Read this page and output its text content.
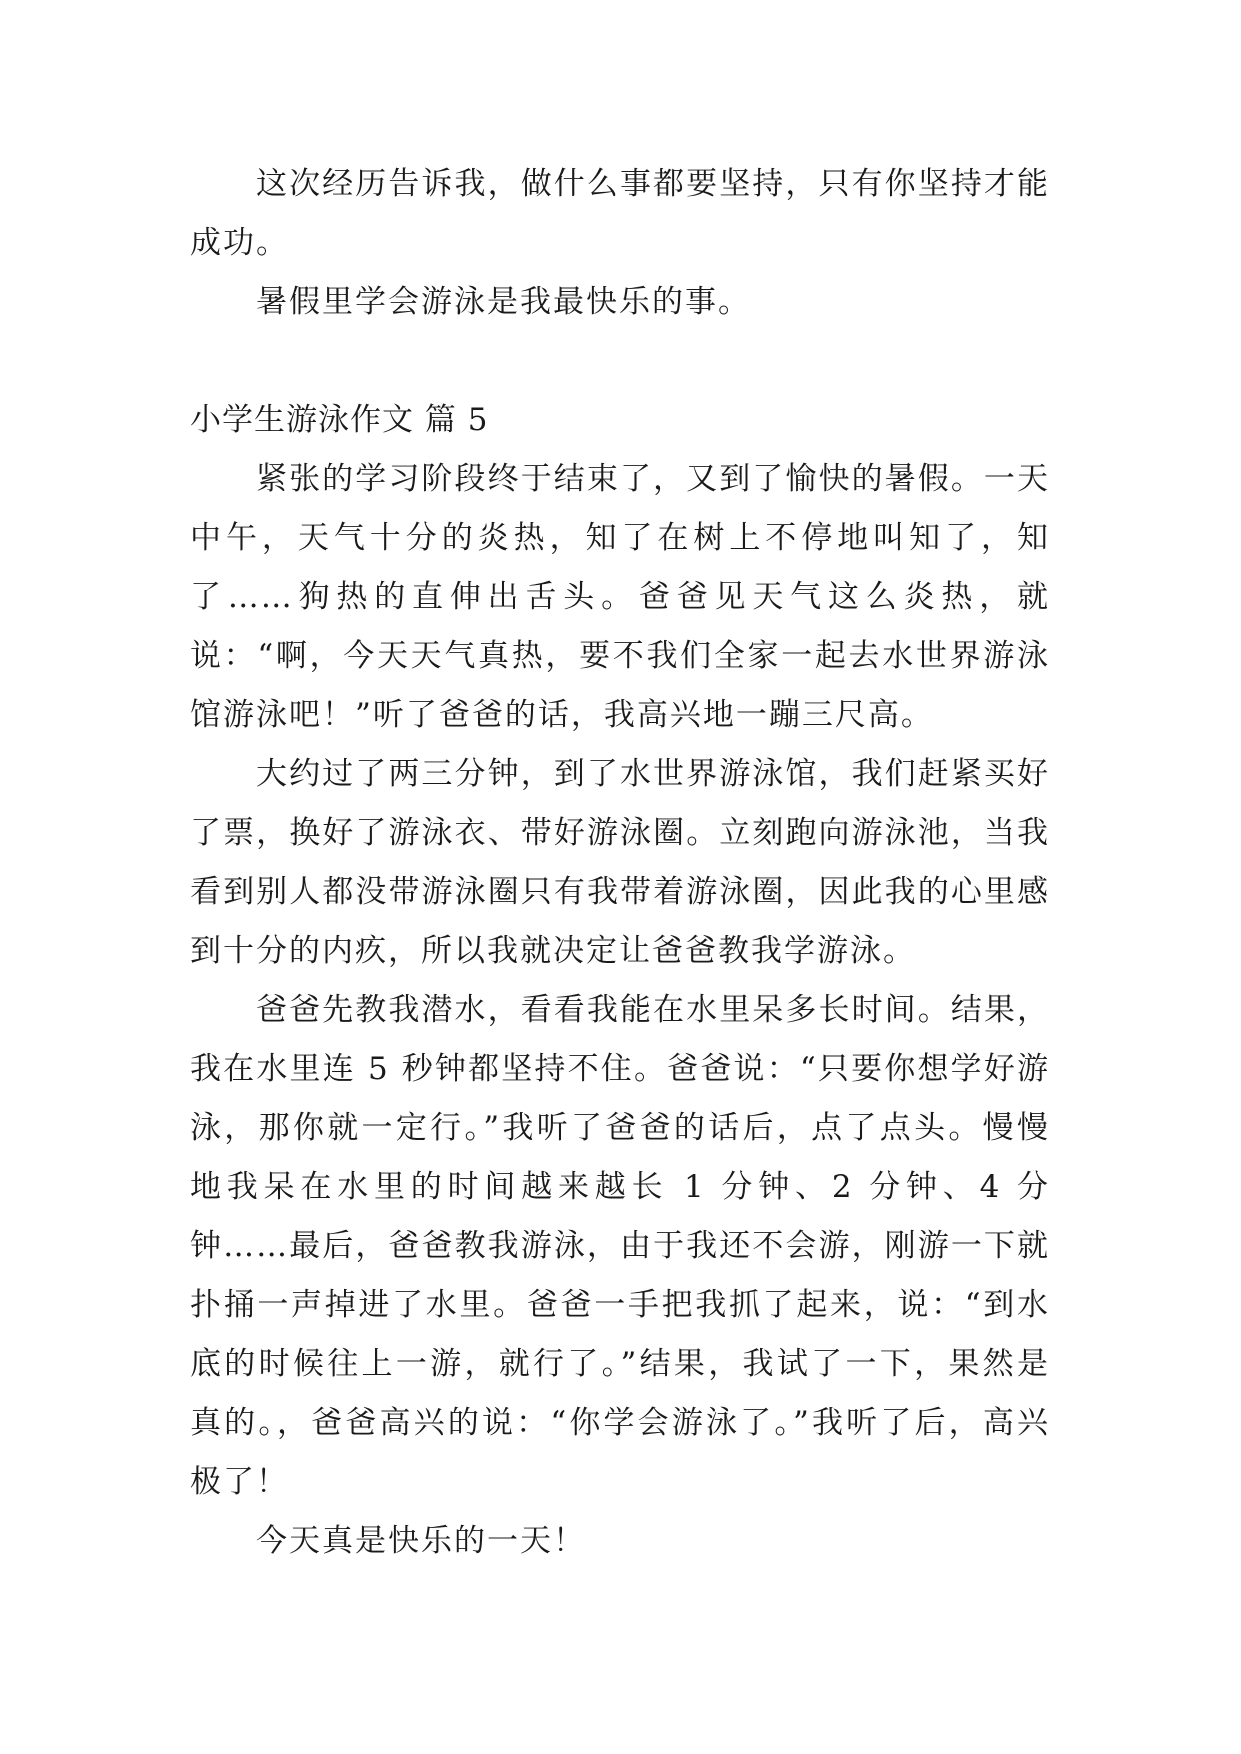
这次经历告诉我，做什么事都要坚持，只有你坚持才能成功。

暑假里学会游泳是我最快乐的事。

小学生游泳作文 篇 5

紧张的学习阶段终于结束了，又到了愉快的暑假。一天中午，天气十分的炎热，知了在树上不停地叫知了，知了……狗热的直伸出舌头。爸爸见天气这么炎热，就说：“啊，今天天气真热，要不我们全家一起去水世界游泳馆游泳吧！”听了爸爸的话，我高兴地一蹦三尺高。

大约过了两三分钟，到了水世界游泳馆，我们赶紧买好了票，换好了游泳衣、带好游泳圈。立刻跑向游泳池，当我看到别人都没带游泳圈只有我带着游泳圈，因此我的心里感到十分的内疚，所以我就决定让爸爸教我学游泳。

爸爸先教我潜水，看看我能在水里呆多长时间。结果，我在水里连 5 秒钟都坚持不住。爸爸说：“只要你想学好游泳，那你就一定行。”我听了爸爸的话后，点了点头。慢慢地我呆在水里的时间越来越长 1 分钟、2 分钟、4 分钟……最后，爸爸教我游泳，由于我还不会游，刚游一下就扑捅一声掉进了水里。爸爸一手把我抓了起来，说：“到水底的时候往上一游，就行了。”结果，我试了一下，果然是真的。，爸爸高兴的说：“你学会游泳了。”我听了后，高兴极了！

今天真是快乐的一天！
